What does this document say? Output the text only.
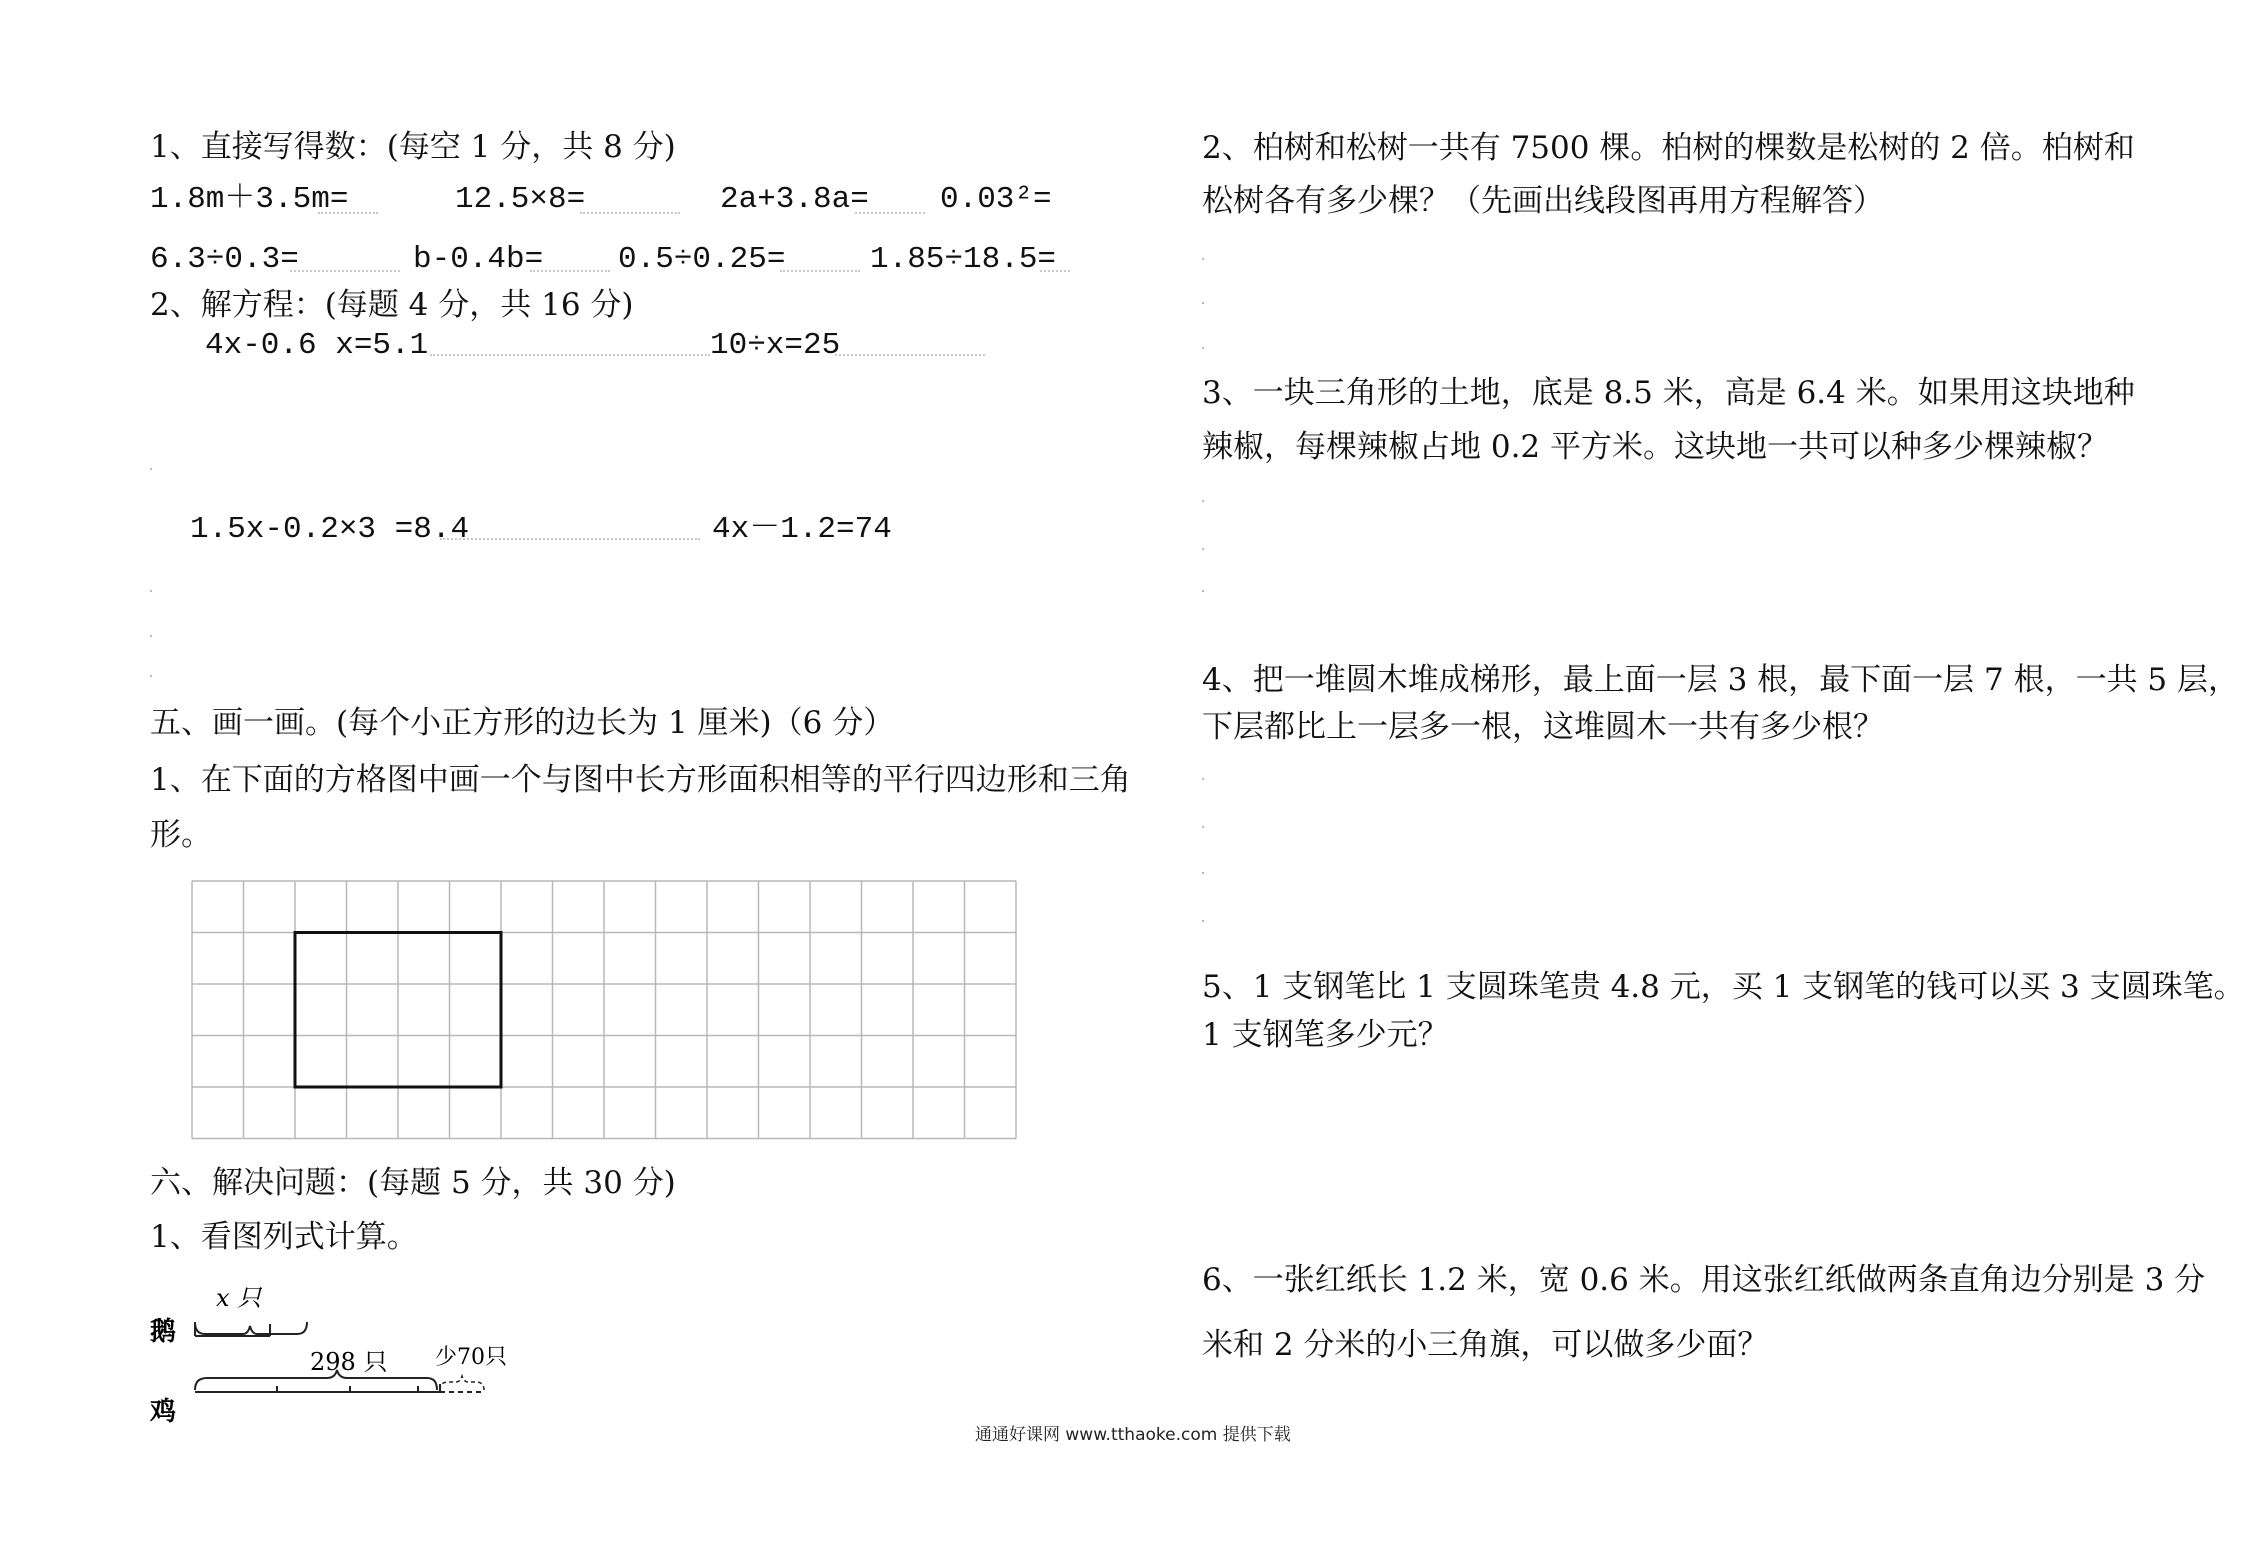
1、直接写得数：(每空 1 分，共 8 分)
1.8m＋3.5m=	12.5×8=	2a+3.8a= 0.03²=
6.3÷0.3=	b-0.4b= 0.5÷0.25=	1.85÷18.5=
2、解方程：(每题 4 分，共 16 分)
4x-0.6 x=5.1	10÷x=25
1.5x-0.2×3 =8.4	4x－1.2=74
五、画一画。(每个小正方形的边长为 1 厘米)（6 分）
1、在下面的方格图中画一个与图中长方形面积相等的平行四边形和三角
形。
六、解决问题：(每题 5 分，共 30 分)
1、看图列式计算。
x 只
鹅
298 只 少70只
鸡
2、柏树和松树一共有 7500 棵。柏树的棵数是松树的 2 倍。柏树和
松树各有多少棵？（先画出线段图再用方程解答）
3、一块三角形的土地，底是 8.5 米，高是 6.4 米。如果用这块地种
辣椒，每棵辣椒占地 0.2 平方米。这块地一共可以种多少棵辣椒？
4、把一堆圆木堆成梯形，最上面一层 3 根，最下面一层 7 根，一共 5 层，
下层都比上一层多一根，这堆圆木一共有多少根？
5、1 支钢笔比 1 支圆珠笔贵 4.8 元，买 1 支钢笔的钱可以买 3 支圆珠笔。
1 支钢笔多少元？
6、一张红纸长 1.2 米，宽 0.6 米。用这张红纸做两条直角边分别是 3 分
米和 2 分米的小三角旗，可以做多少面？
通通好课网 www.tthaoke.com 提供下载
